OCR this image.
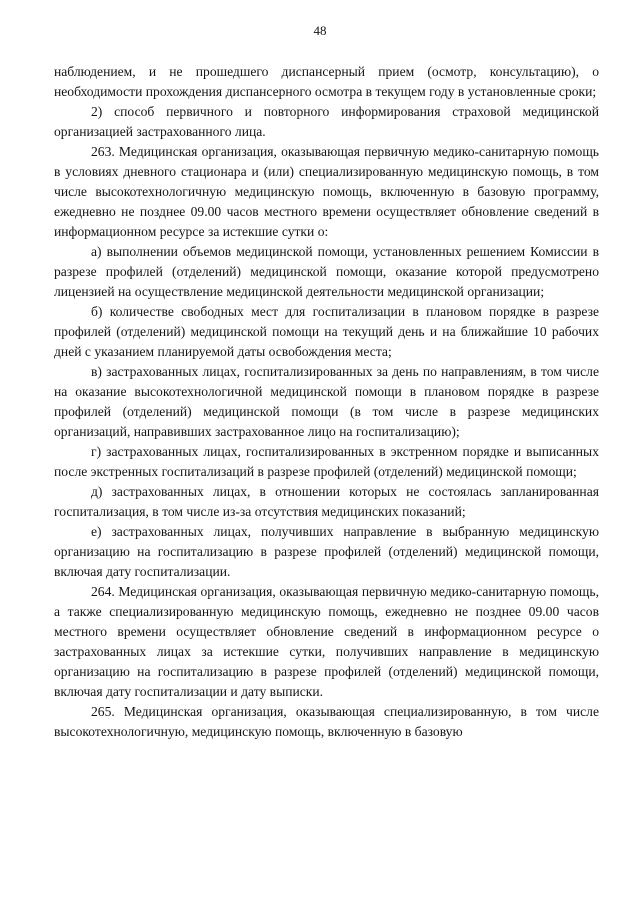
48

наблюдением, и не прошедшего диспансерный прием (осмотр, консультацию), о необходимости прохождения диспансерного осмотра в текущем году в установленные сроки;

2) способ первичного и повторного информирования страховой медицинской организацией застрахованного лица.

263. Медицинская организация, оказывающая первичную медико-санитарную помощь в условиях дневного стационара и (или) специализированную медицинскую помощь, в том числе высокотехнологичную медицинскую помощь, включенную в базовую программу, ежедневно не позднее 09.00 часов местного времени осуществляет обновление сведений в информационном ресурсе за истекшие сутки о:

а) выполнении объемов медицинской помощи, установленных решением Комиссии в разрезе профилей (отделений) медицинской помощи, оказание которой предусмотрено лицензией на осуществление медицинской деятельности медицинской организации;

б) количестве свободных мест для госпитализации в плановом порядке в разрезе профилей (отделений) медицинской помощи на текущий день и на ближайшие 10 рабочих дней с указанием планируемой даты освобождения места;

в) застрахованных лицах, госпитализированных за день по направлениям, в том числе на оказание высокотехнологичной медицинской помощи в плановом порядке в разрезе профилей (отделений) медицинской помощи (в том числе в разрезе медицинских организаций, направивших застрахованное лицо на госпитализацию);

г) застрахованных лицах, госпитализированных в экстренном порядке и выписанных после экстренных госпитализаций в разрезе профилей (отделений) медицинской помощи;

д) застрахованных лицах, в отношении которых не состоялась запланированная госпитализация, в том числе из-за отсутствия медицинских показаний;

е) застрахованных лицах, получивших направление в выбранную медицинскую организацию на госпитализацию в разрезе профилей (отделений) медицинской помощи, включая дату госпитализации.

264. Медицинская организация, оказывающая первичную медико-санитарную помощь, а также специализированную медицинскую помощь, ежедневно не позднее 09.00 часов местного времени осуществляет обновление сведений в информационном ресурсе о застрахованных лицах за истекшие сутки, получивших направление в медицинскую организацию на госпитализацию в разрезе профилей (отделений) медицинской помощи, включая дату госпитализации и дату выписки.

265. Медицинская организация, оказывающая специализированную, в том числе высокотехнологичную, медицинскую помощь, включенную в базовую
